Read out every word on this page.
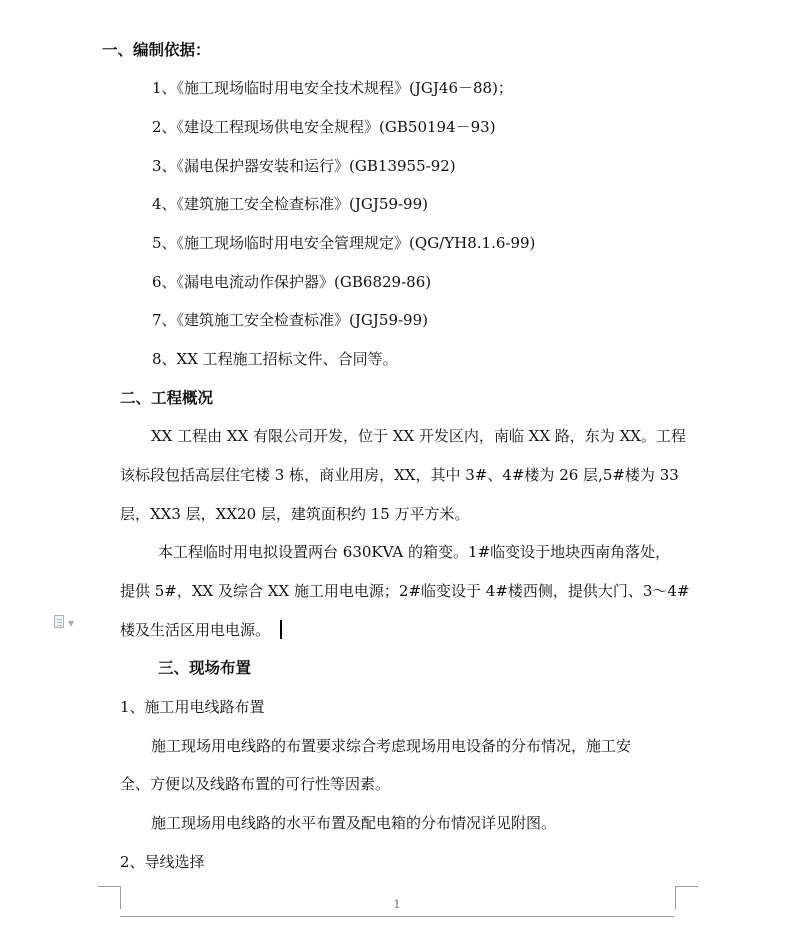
一、编制依据：
1、《施工现场临时用电安全技术规程》(JGJ46－88)；
2、《建设工程现场供电安全规程》(GB50194－93)
3、《漏电保护器安装和运行》(GB13955-92)
4、《建筑施工安全检查标准》(JGJ59-99)
5、《施工现场临时用电安全管理规定》(QG/YH8.1.6-99)
6、《漏电电流动作保护器》(GB6829-86)
7、《建筑施工安全检查标准》(JGJ59-99)
8、XX 工程施工招标文件、合同等。
二、工程概况
XX 工程由 XX 有限公司开发，位于 XX 开发区内，南临 XX 路，东为 XX。工程
该标段包括高层住宅楼 3 栋，商业用房，XX，其中 3#、4#楼为 26 层,5#楼为 33
层，XX3 层，XX20 层，建筑面积约 15 万平方米。
本工程临时用电拟设置两台 630KVA 的箱变。1#临变设于地块西南角落处，
提供 5#，XX 及综合 XX 施工用电电源；2#临变设于 4#楼西侧，提供大门、3～4#
楼及生活区用电电源。
三、现场布置
1、施工用电线路布置
施工现场用电线路的布置要求综合考虑现场用电设备的分布情况，施工安
全、方便以及线路布置的可行性等因素。
施工现场用电线路的水平布置及配电箱的分布情况详见附图。
2、导线选择
▼
1
